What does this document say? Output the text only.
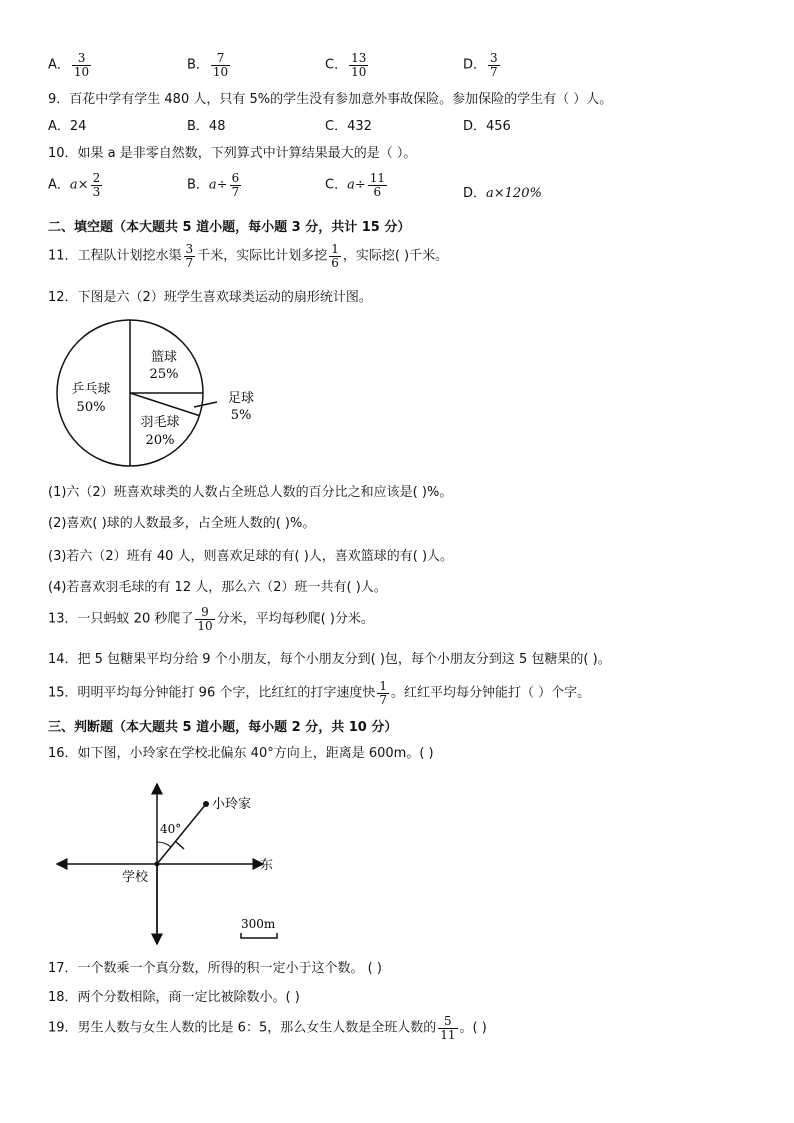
A． $\frac{3}{10}$	B． $\frac{7}{10}$	C． $\frac{13}{10}$	D． $\frac{3}{7}$
9．百花中学有学生 480 人，只有 5%的学生没有参加意外事故保险。参加保险的学生有（ ）人。
A．24	B．48	C．432	D．456
10．如果 a 是非零自然数，下列算式中计算结果最大的是（ ）。
A．$a\times \frac{2}{3}$	B．$a\div \frac{6}{7}$	C．$a\div \frac{11}{6}$	D．a×120%
二、填空题（本大题共 5 道小题，每小题 3 分，共计 15 分）
11．工程队计划挖水渠 $\frac{3}{7}$ 千米，实际比计划多挖 $\frac{1}{6}$ ，实际挖( )千米。
12．下图是六（2）班学生喜欢球类运动的扇形统计图。
篮球
25%
乒乓球
50%
羽毛球
20%
足球
5%
(1)六（2）班喜欢球类的人数占全班总人数的百分比之和应该是( )%。
(2)喜欢( )球的人数最多，占全班人数的( )%。
(3)若六（2）班有 40 人，则喜欢足球的有( )人，喜欢篮球的有( )人。
(4)若喜欢羽毛球的有 12 人，那么六（2）班一共有( )人。
13．一只蚂蚁 20 秒爬了 $\frac{9}{10}$ 分米，平均每秒爬( )分米。
14．把 5 包糖果平均分给 9 个小朋友，每个小朋友分到( )包，每个小朋友分到这 5 包糖果的( )。
15．明明平均每分钟能打 96 个字，比红红的打字速度快 $\frac{1}{7}$ 。红红平均每分钟能打（ ）个字。
三、判断题（本大题共 5 道小题，每小题 2 分，共 10 分）
16．如下图，小玲家在学校北偏东 40°方向上，距离是 600m。( )
小玲家
40°
学校
东
300m
17．一个数乘一个真分数，所得的积一定小于这个数。 ( )
18．两个分数相除，商一定比被除数小。( )
19．男生人数与女生人数的比是 6：5，那么女生人数是全班人数的 $\frac{5}{11}$ 。( )
